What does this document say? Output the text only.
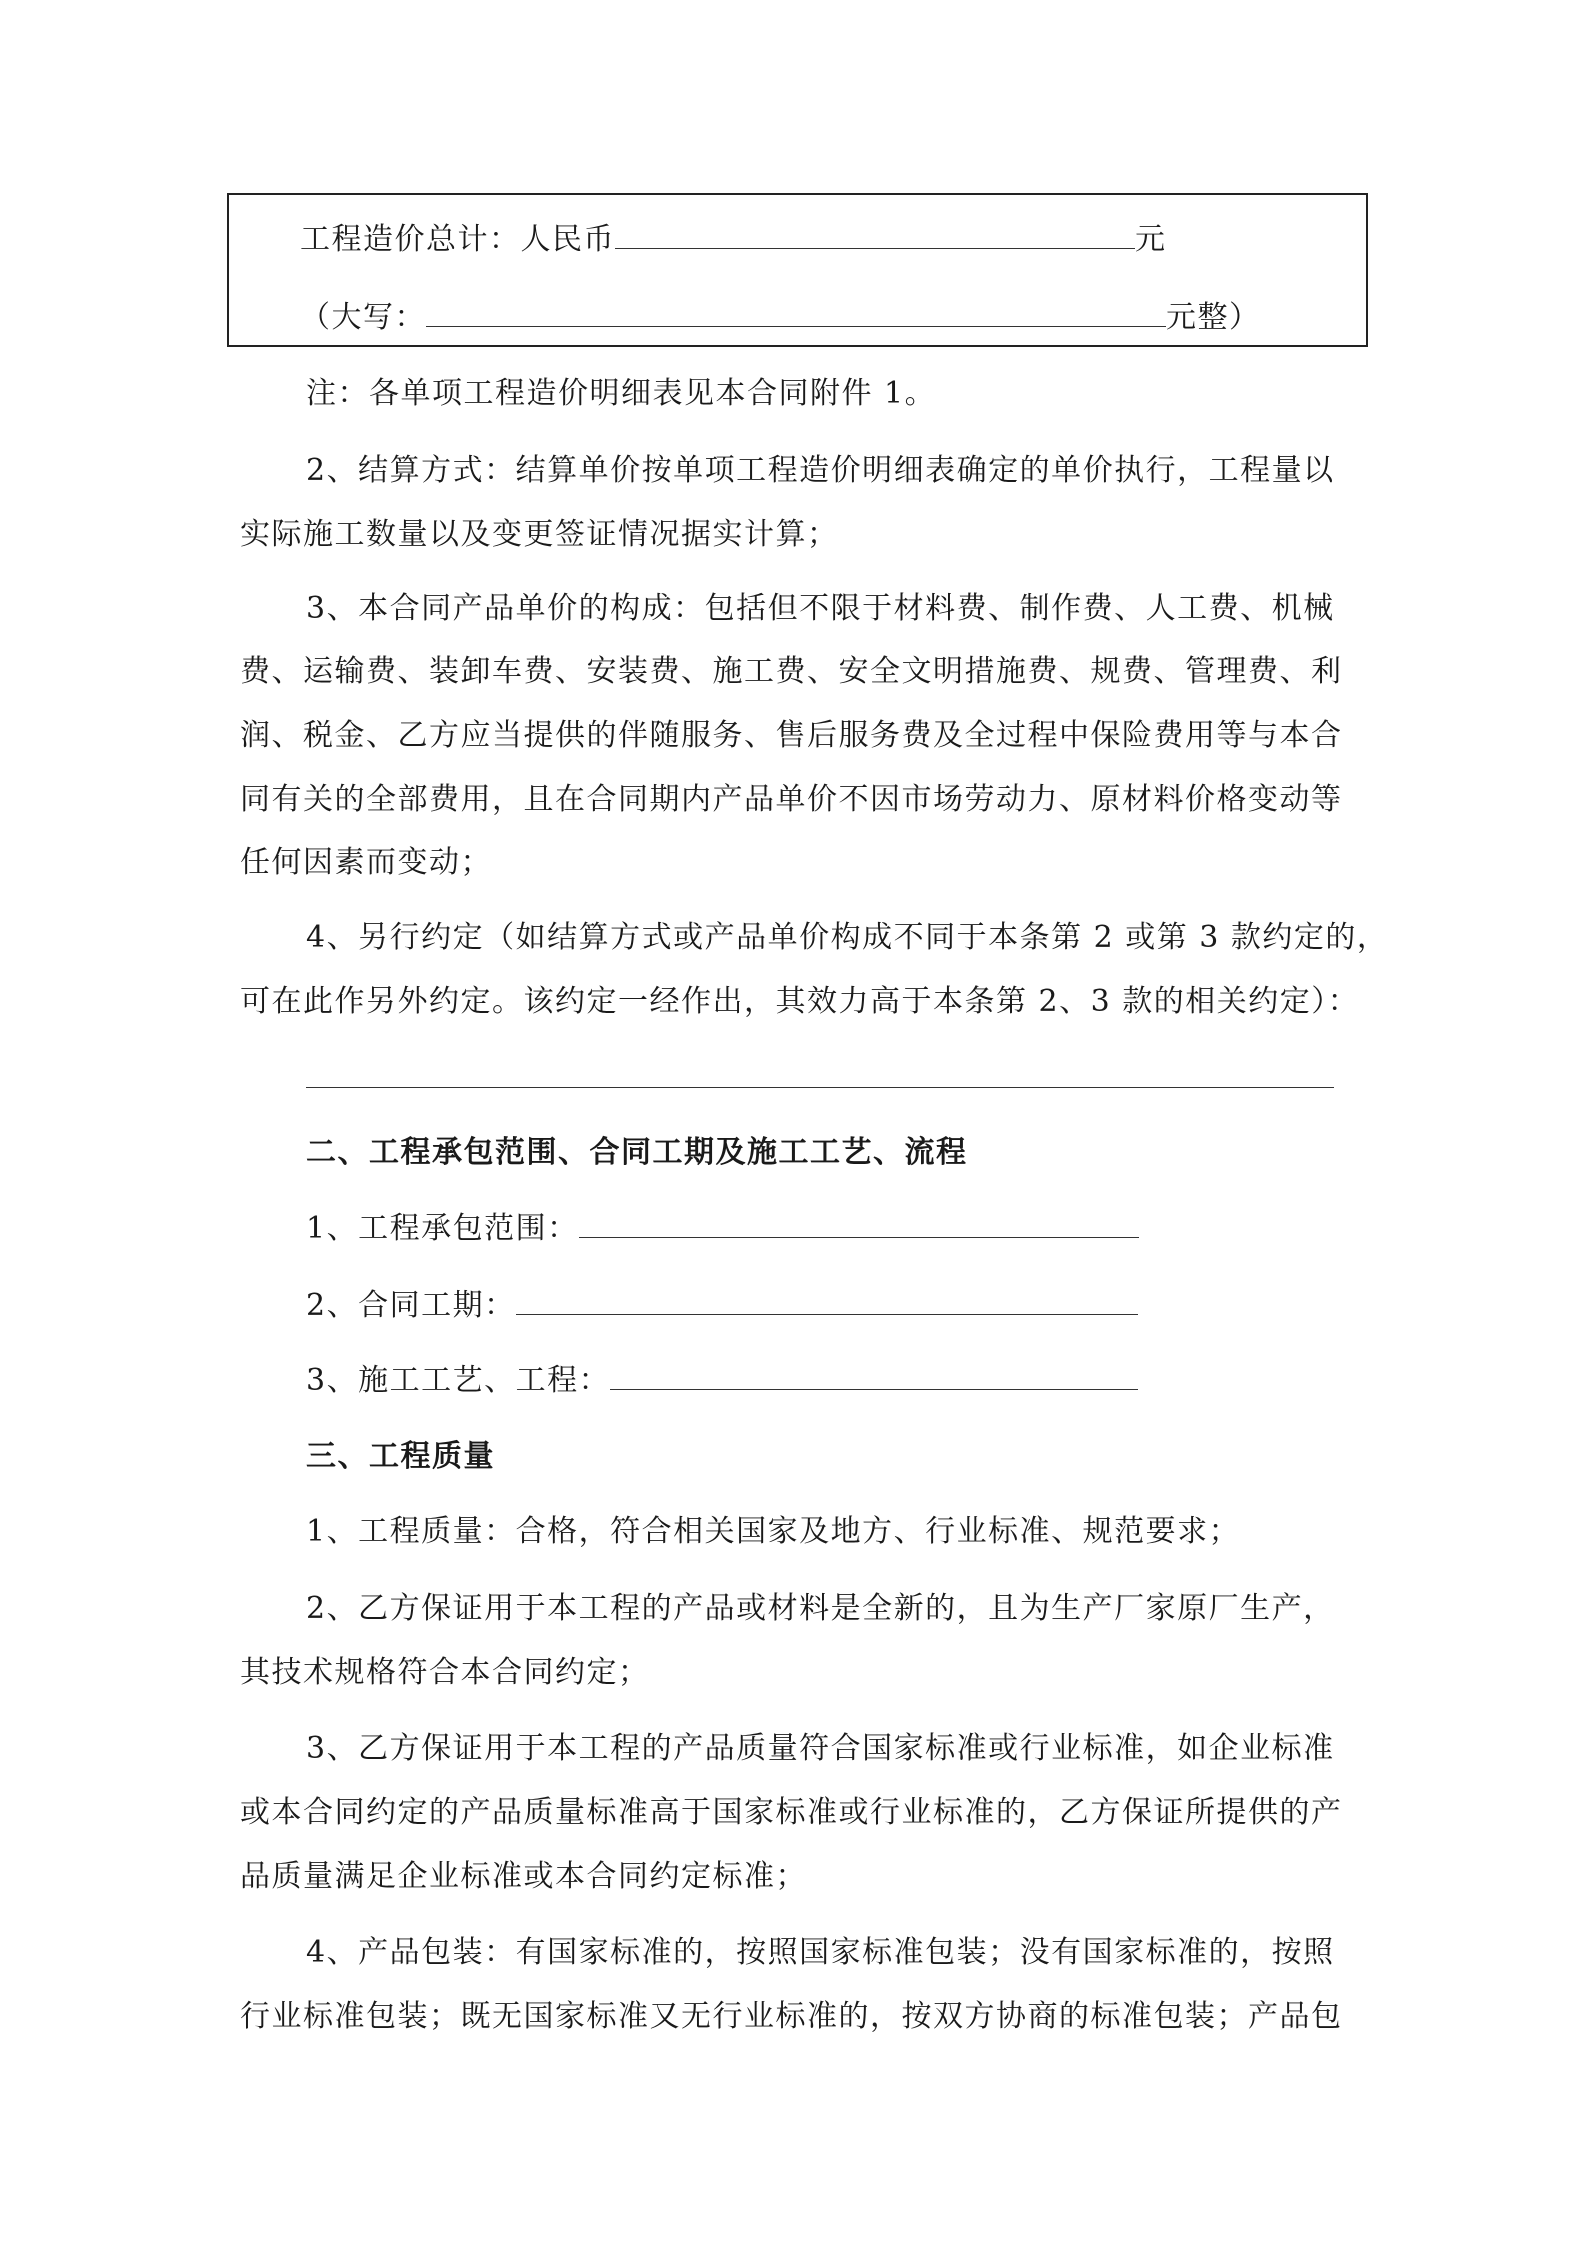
工程造价总计：人民币	元
（大写：	元整）
注：各单项工程造价明细表见本合同附件 1。
2、结算方式：结算单价按单项工程造价明细表确定的单价执行，工程量以
实际施工数量以及变更签证情况据实计算；
3、本合同产品单价的构成：包括但不限于材料费、制作费、人工费、机械
费、运输费、装卸车费、安装费、施工费、安全文明措施费、规费、管理费、利
润、税金、乙方应当提供的伴随服务、售后服务费及全过程中保险费用等与本合
同有关的全部费用，且在合同期内产品单价不因市场劳动力、原材料价格变动等
任何因素而变动；
4、另行约定（如结算方式或产品单价构成不同于本条第 2 或第 3 款约定的，
可在此作另外约定。该约定一经作出，其效力高于本条第 2、3 款的相关约定）：
二、工程承包范围、合同工期及施工工艺、流程
1、工程承包范围：
2、合同工期：
3、施工工艺、工程：
三、工程质量
1、工程质量：合格，符合相关国家及地方、行业标准、规范要求；
2、乙方保证用于本工程的产品或材料是全新的，且为生产厂家原厂生产，
其技术规格符合本合同约定；
3、乙方保证用于本工程的产品质量符合国家标准或行业标准，如企业标准
或本合同约定的产品质量标准高于国家标准或行业标准的，乙方保证所提供的产
品质量满足企业标准或本合同约定标准；
4、产品包装：有国家标准的，按照国家标准包装；没有国家标准的，按照
行业标准包装；既无国家标准又无行业标准的，按双方协商的标准包装；产品包
